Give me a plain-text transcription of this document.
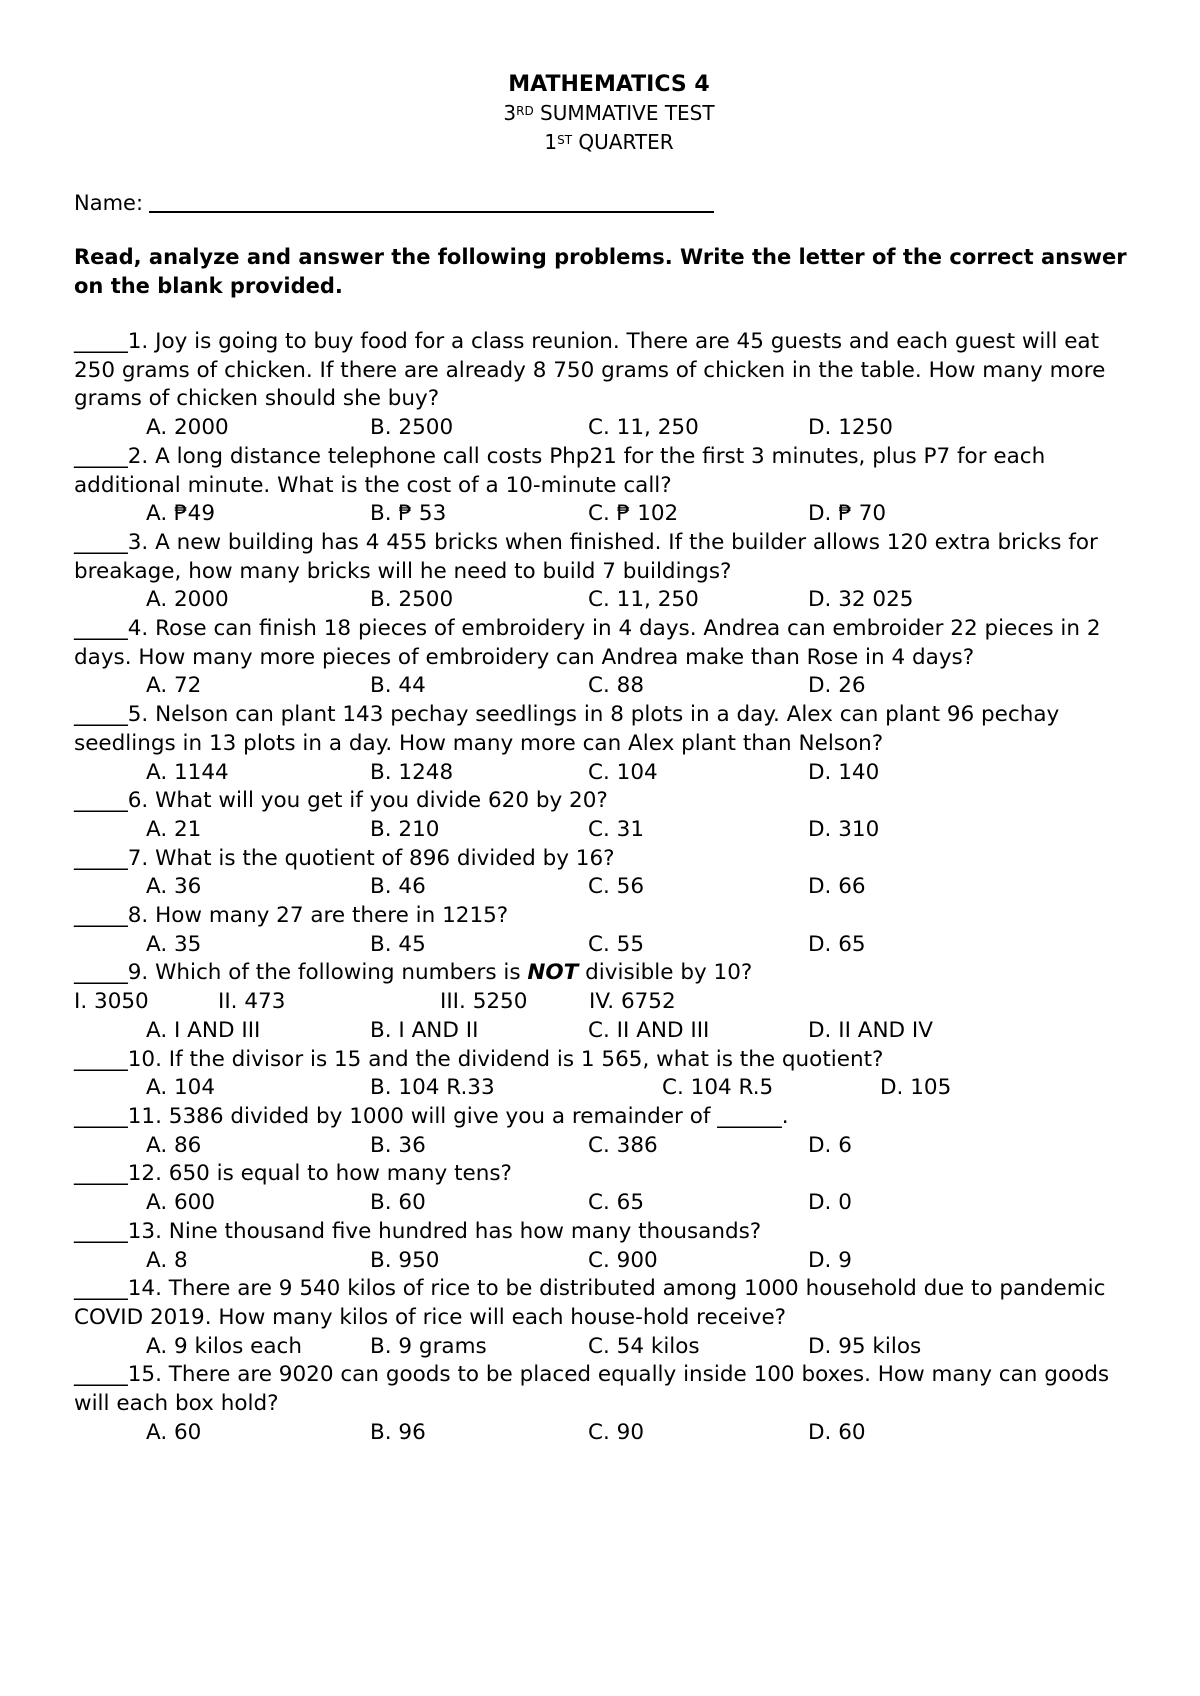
MATHEMATICS 4
3RD SUMMATIVE TEST
1ST QUARTER
Name:
Read, analyze and answer the following problems. Write the letter of the correct answer on the blank provided.
_____1. Joy is going to buy food for a class reunion. There are 45 guests and each guest will eat 250 grams of chicken. If there are already 8 750 grams of chicken in the table. How many more grams of chicken should she buy?
A. 2000	B. 2500	C. 11, 250	D. 1250
_____2. A long distance telephone call costs Php21 for the first 3 minutes, plus P7 for each additional minute. What is the cost of a 10-minute call?
A. ₱49	B. ₱ 53	C. ₱ 102	D. ₱ 70
_____3. A new building has 4 455 bricks when finished. If the builder allows 120 extra bricks for breakage, how many bricks will he need to build 7 buildings?
A. 2000	B. 2500	C. 11, 250	D. 32 025
_____4. Rose can finish 18 pieces of embroidery in 4 days. Andrea can embroider 22 pieces in 2 days. How many more pieces of embroidery can Andrea make than Rose in 4 days?
A. 72	B. 44	C. 88	D. 26
_____5. Nelson can plant 143 pechay seedlings in 8 plots in a day. Alex can plant 96 pechay seedlings in 13 plots in a day. How many more can Alex plant than Nelson?
A. 1144	B. 1248	C. 104	D. 140
_____6. What will you get if you divide 620 by 20?
A. 21	B. 210	C. 31	D. 310
_____7. What is the quotient of 896 divided by 16?
A. 36	B. 46	C. 56	D. 66
_____8. How many 27 are there in 1215?
A. 35	B. 45	C. 55	D. 65
_____9. Which of the following numbers is NOT divisible by 10?
I. 3050	II. 473	III. 5250	IV. 6752
A. I AND III	B. I AND II	C. II AND III	D. II AND IV
_____10. If the divisor is 15 and the dividend is 1 565, what is the quotient?
A. 104	B. 104 R.33	C. 104 R.5	D. 105
_____11. 5386 divided by 1000 will give you a remainder of ______.
A. 86	B. 36	C. 386	D. 6
_____12. 650 is equal to how many tens?
A. 600	B. 60	C. 65	D. 0
_____13. Nine thousand five hundred has how many thousands?
A. 8	B. 950	C. 900	D. 9
_____14. There are 9 540 kilos of rice to be distributed among 1000 household due to pandemic COVID 2019. How many kilos of rice will each house-hold receive?
A. 9 kilos each	B. 9 grams	C. 54 kilos	D. 95 kilos
_____15. There are 9020 can goods to be placed equally inside 100 boxes. How many can goods will each box hold?
A. 60	B. 96	C. 90	D. 60
